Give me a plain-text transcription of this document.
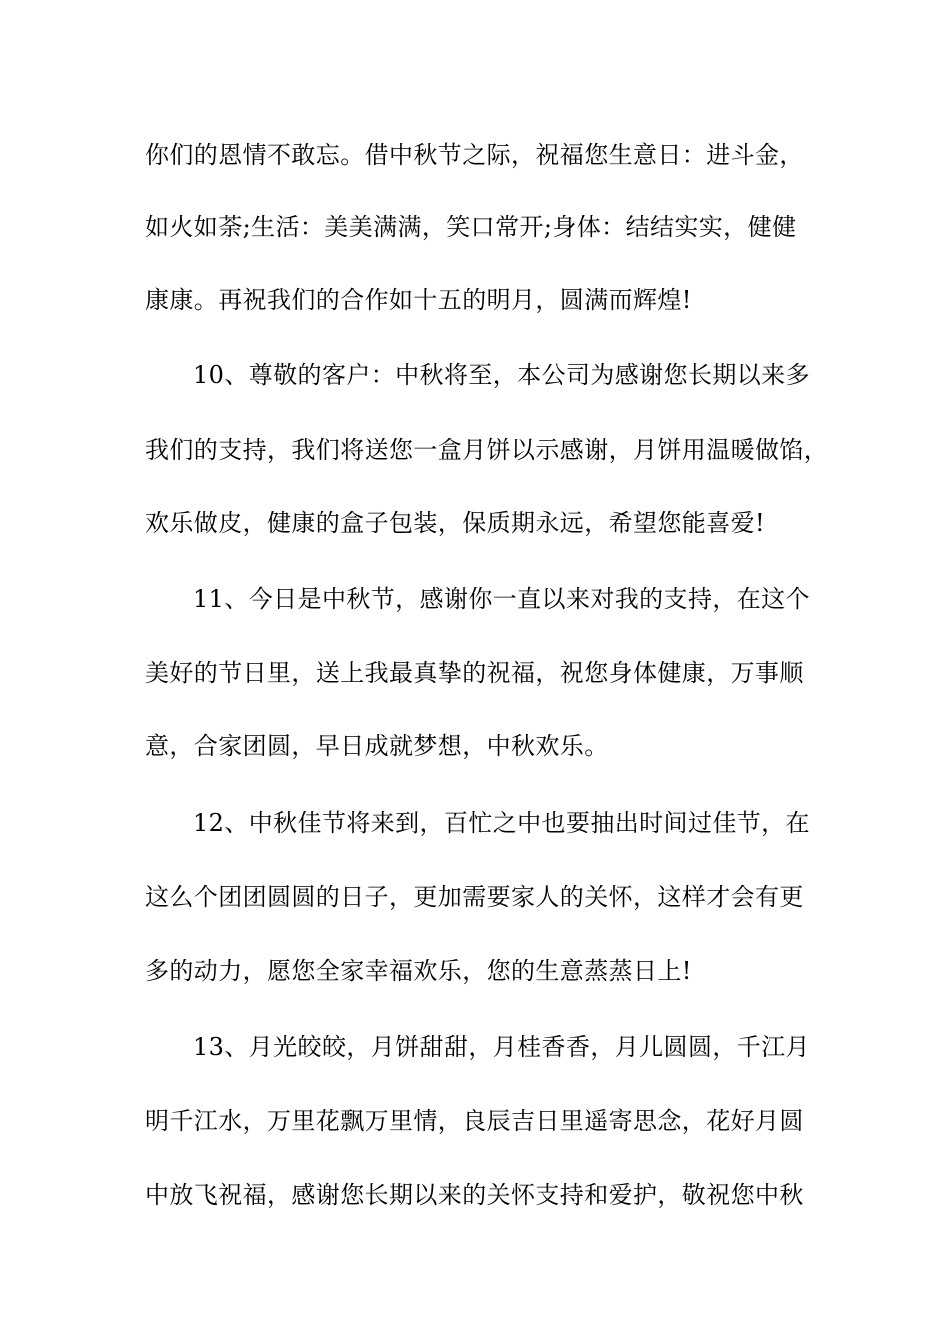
你们的恩情不敢忘。借中秋节之际，祝福您生意日：进斗金，
如火如荼;生活：美美满满，笑口常开;身体：结结实实，健健
康康。再祝我们的合作如十五的明月，圆满而辉煌!
10、尊敬的客户：中秋将至，本公司为感谢您长期以来多
我们的支持，我们将送您一盒月饼以示感谢，月饼用温暖做馅，
欢乐做皮，健康的盒子包装，保质期永远，希望您能喜爱!
11、今日是中秋节，感谢你一直以来对我的支持，在这个
美好的节日里，送上我最真挚的祝福，祝您身体健康，万事顺
意，合家团圆，早日成就梦想，中秋欢乐。
12、中秋佳节将来到，百忙之中也要抽出时间过佳节，在
这么个团团圆圆的日子，更加需要家人的关怀，这样才会有更
多的动力，愿您全家幸福欢乐，您的生意蒸蒸日上!
13、月光皎皎，月饼甜甜，月桂香香，月儿圆圆，千江月
明千江水，万里花飘万里情，良辰吉日里遥寄思念，花好月圆
中放飞祝福，感谢您长期以来的关怀支持和爱护，敬祝您中秋
